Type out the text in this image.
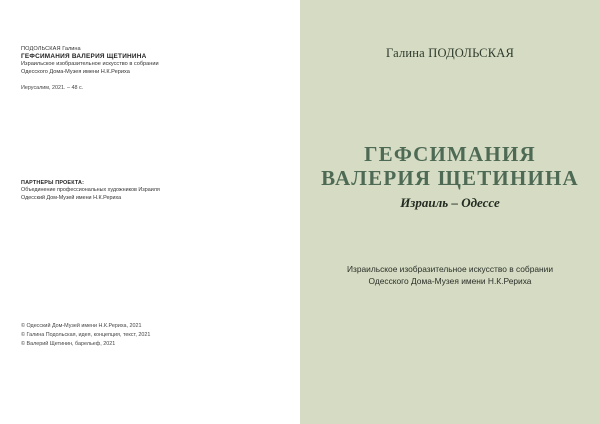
ПОДОЛЬСКАЯ Галина
ГЕФСИМАНИЯ ВАЛЕРИЯ ЩЕТИНИНА
Израильское изобразительное искусство в собрании
Одесского Дома-Музея имени Н.К.Рериха
Иерусалим, 2021. – 48 с.
ПАРТНЕРЫ ПРОЕКТА:
Объединение профессиональных художников Израиля
Одесский Дом-Музей имени Н.К.Рериха
© Одесский Дом-Музей имени Н.К.Рериха, 2021
© Галина Подольская, идея, концепция, текст, 2021
© Валерий Щетинин, барельеф, 2021
Галина ПОДОЛЬСКАЯ
ГЕФСИМАНИЯ
ВАЛЕРИЯ ЩЕТИНИНА
Израиль – Одессе
Израильское изобразительное искусство в собрании
Одесского Дома-Музея имени Н.К.Рериха
